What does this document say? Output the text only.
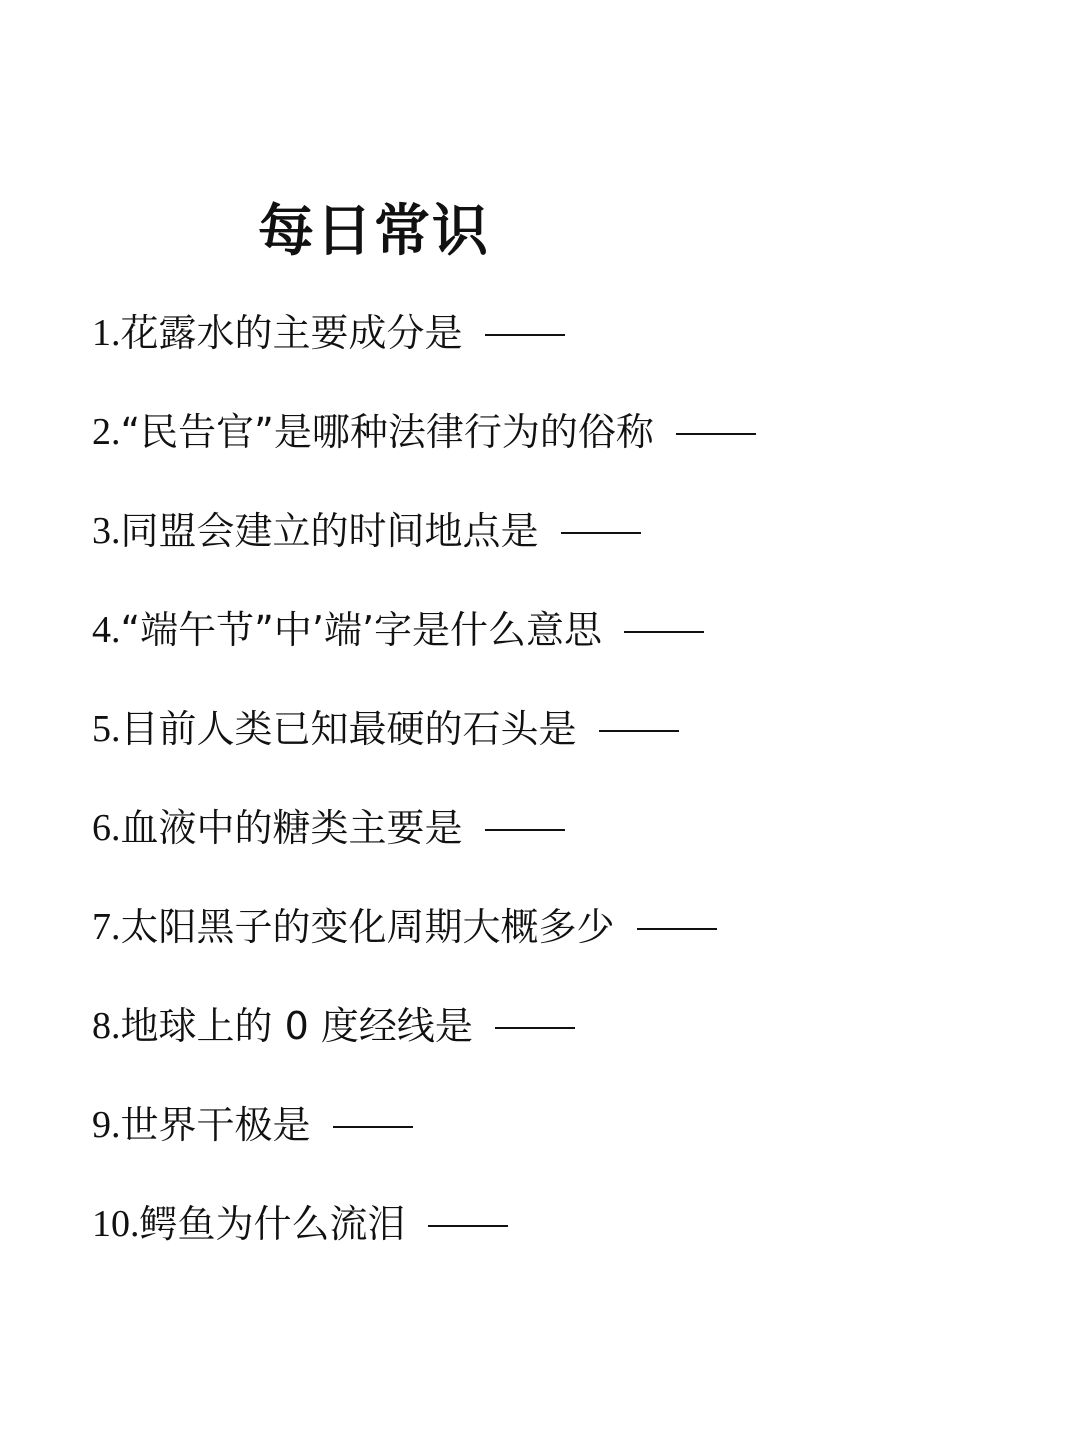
每日常识
1. 花露水的主要成分是
2. “民告官”是哪种法律行为的俗称
3. 同盟会建立的时间地点是
4. “端午节”中’端’字是什么意思
5. 目前人类已知最硬的石头是
6. 血液中的糖类主要是
7. 太阳黑子的变化周期大概多少
8. 地球上的 0 度经线是
9. 世界干极是
10. 鳄鱼为什么流泪
